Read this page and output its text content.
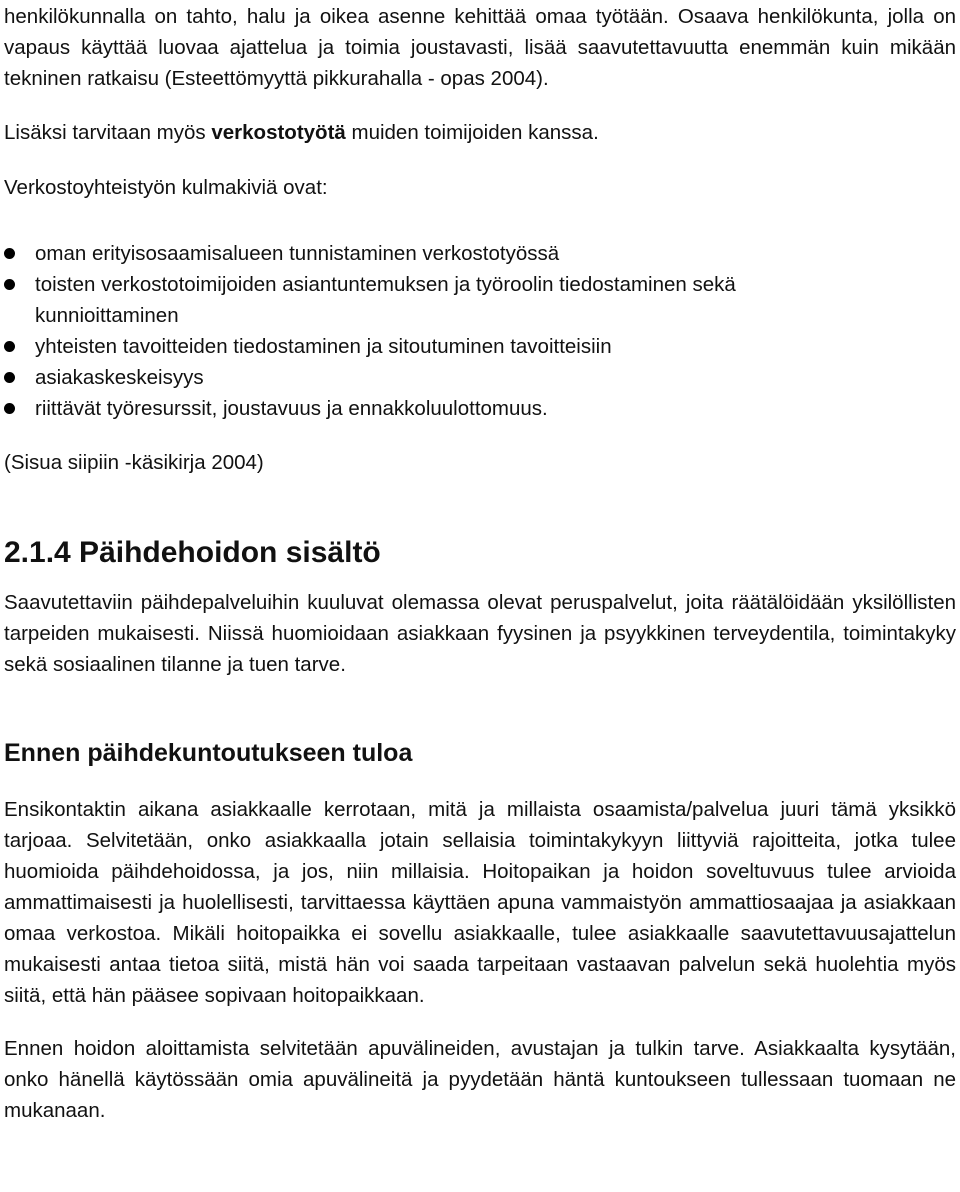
henkilökunnalla on tahto, halu ja oikea asenne kehittää omaa työtään. Osaava henkilökunta, jolla on vapaus käyttää luovaa ajattelua ja toimia joustavasti, lisää saavutettavuutta enemmän kuin mikään tekninen ratkaisu (Esteettömyyttä pikkurahalla - opas 2004).

Lisäksi tarvitaan myös verkostotyötä muiden toimijoiden kanssa.

Verkostoyhteistyön kulmakiviä ovat:

oman erityisosaamisalueen tunnistaminen verkostotyössä
toisten verkostotoimijoiden asiantuntemuksen ja työroolin tiedostaminen sekä kunnioittaminen
yhteisten tavoitteiden tiedostaminen ja sitoutuminen tavoitteisiin
asiakaskeskeisyys
riittävät työresurssit, joustavuus ja ennakkoluulottomuus.

(Sisua siipiin -käsikirja 2004)

2.1.4 Päihdehoidon sisältö

Saavutettaviin päihdepalveluihin kuuluvat olemassa olevat peruspalvelut, joita räätälöidään yksilöllisten tarpeiden mukaisesti. Niissä huomioidaan asiakkaan fyysinen ja psyykkinen terveydentila, toimintakyky sekä sosiaalinen tilanne ja tuen tarve.

Ennen päihdekuntoutukseen tuloa

Ensikontaktin aikana asiakkaalle kerrotaan, mitä ja millaista osaamista/palvelua juuri tämä yksikkö tarjoaa. Selvitetään, onko asiakkaalla jotain sellaisia toimintakykyyn liittyviä rajoitteita, jotka tulee huomioida päihdehoidossa, ja jos, niin millaisia. Hoitopaikan ja hoidon soveltuvuus tulee arvioida ammattimaisesti ja huolellisesti, tarvittaessa käyttäen apuna vammaistyön ammattiosaajaa ja asiakkaan omaa verkostoa. Mikäli hoitopaikka ei sovellu asiakkaalle, tulee asiakkaalle saavutettavuusajattelun mukaisesti antaa tietoa siitä, mistä hän voi saada tarpeitaan vastaavan palvelun sekä huolehtia myös siitä, että hän pääsee sopivaan hoitopaikkaan.

Ennen hoidon aloittamista selvitetään apuvälineiden, avustajan ja tulkin tarve. Asiakkaalta kysytään, onko hänellä käytössään omia apuvälineitä ja pyydetään häntä kuntoukseen tullessaan tuomaan ne mukanaan.
